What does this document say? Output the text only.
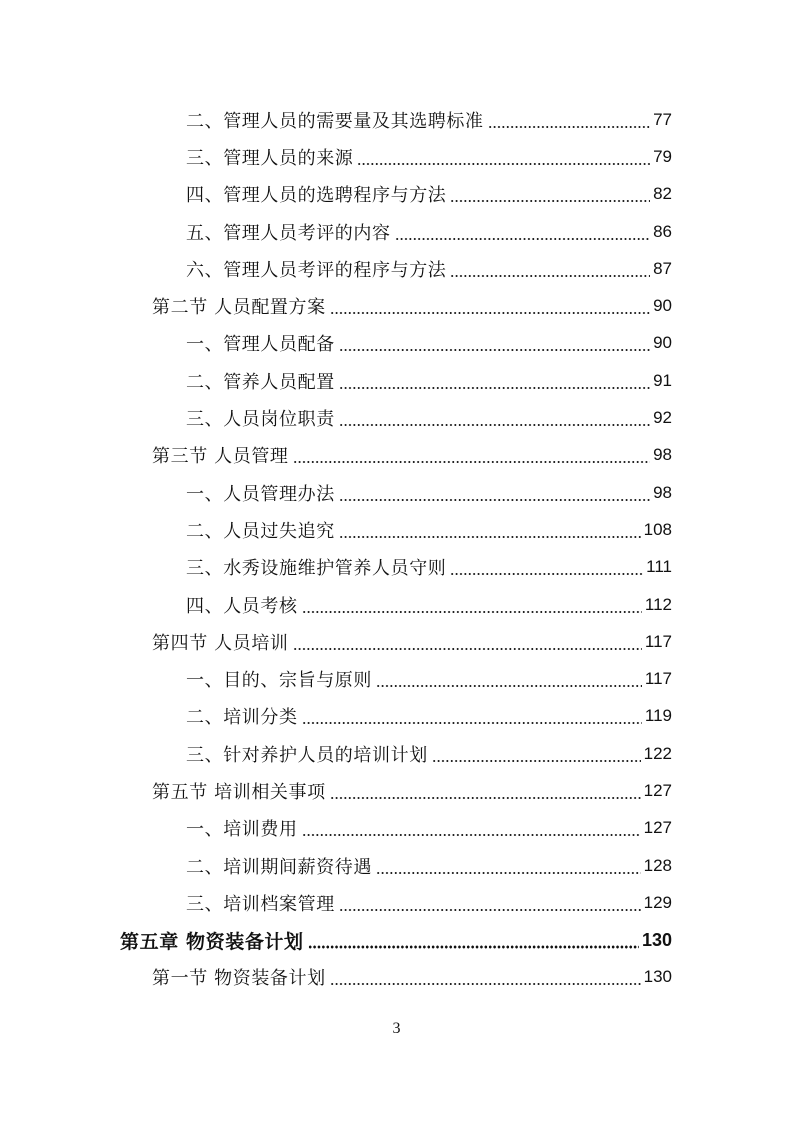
二、管理人员的需要量及其选聘标准	77
三、管理人员的来源	79
四、管理人员的选聘程序与方法	82
五、管理人员考评的内容	86
六、管理人员考评的程序与方法	87
第二节 人员配置方案	90
一、管理人员配备	90
二、管养人员配置	91
三、人员岗位职责	92
第三节 人员管理	98
一、人员管理办法	98
二、人员过失追究	108
三、水秀设施维护管养人员守则	111
四、人员考核	112
第四节 人员培训	117
一、目的、宗旨与原则	117
二、培训分类	119
三、针对养护人员的培训计划	122
第五节 培训相关事项	127
一、培训费用	127
二、培训期间薪资待遇	128
三、培训档案管理	129
第五章 物资装备计划	130
第一节 物资装备计划	130
3
